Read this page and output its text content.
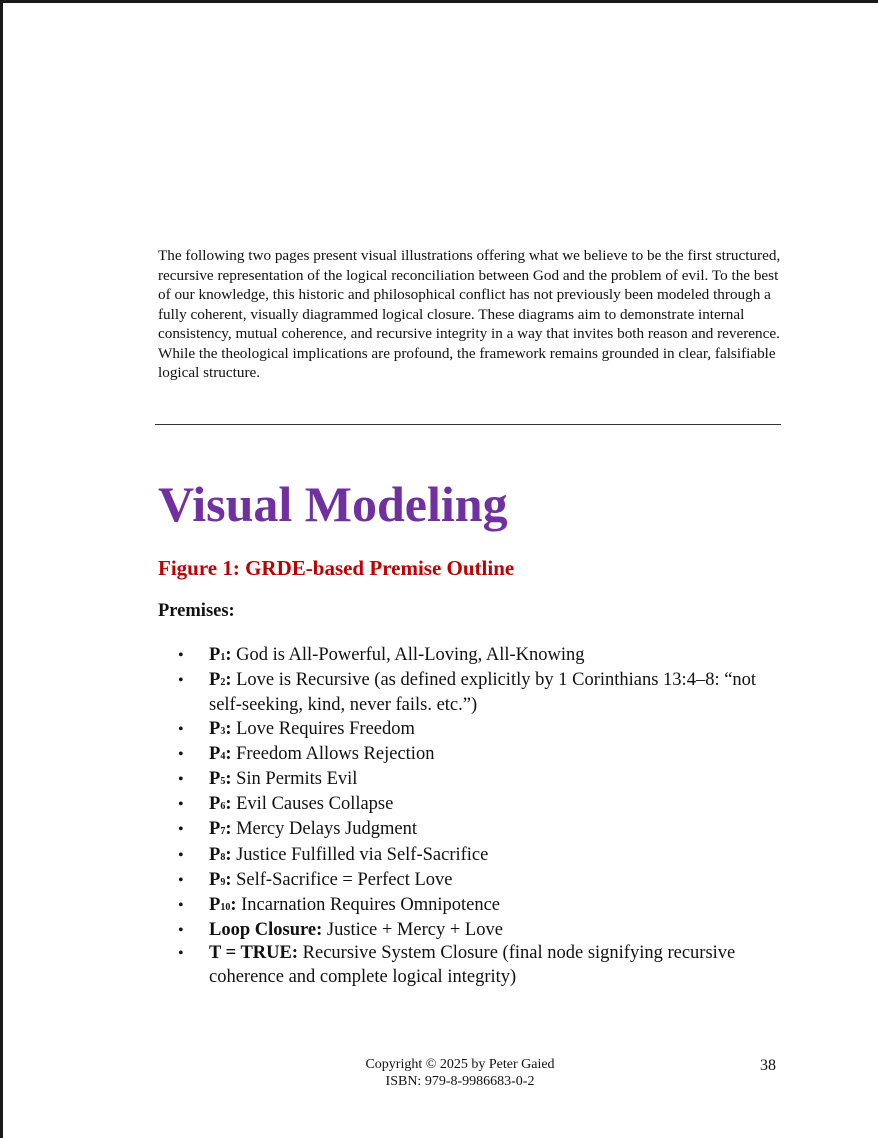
The following two pages present visual illustrations offering what we believe to be the first structured, recursive representation of the logical reconciliation between God and the problem of evil. To the best of our knowledge, this historic and philosophical conflict has not previously been modeled through a fully coherent, visually diagrammed logical closure. These diagrams aim to demonstrate internal consistency, mutual coherence, and recursive integrity in a way that invites both reason and reverence. While the theological implications are profound, the framework remains grounded in clear, falsifiable logical structure.

Visual Modeling
Figure 1: GRDE-based Premise Outline
Premises:
• P1: God is All-Powerful, All-Loving, All-Knowing
• P2: Love is Recursive (as defined explicitly by 1 Corinthians 13:4–8: “not self-seeking, kind, never fails. etc.”)
• P3: Love Requires Freedom
• P4: Freedom Allows Rejection
• P5: Sin Permits Evil
• P6: Evil Causes Collapse
• P7: Mercy Delays Judgment
• P8: Justice Fulfilled via Self-Sacrifice
• P9: Self-Sacrifice = Perfect Love
• P10: Incarnation Requires Omnipotence
• Loop Closure: Justice + Mercy + Love
• T = TRUE: Recursive System Closure (final node signifying recursive coherence and complete logical integrity)
Copyright © 2025 by Peter Gaied
ISBN: 979-8-9986683-0-2
38
